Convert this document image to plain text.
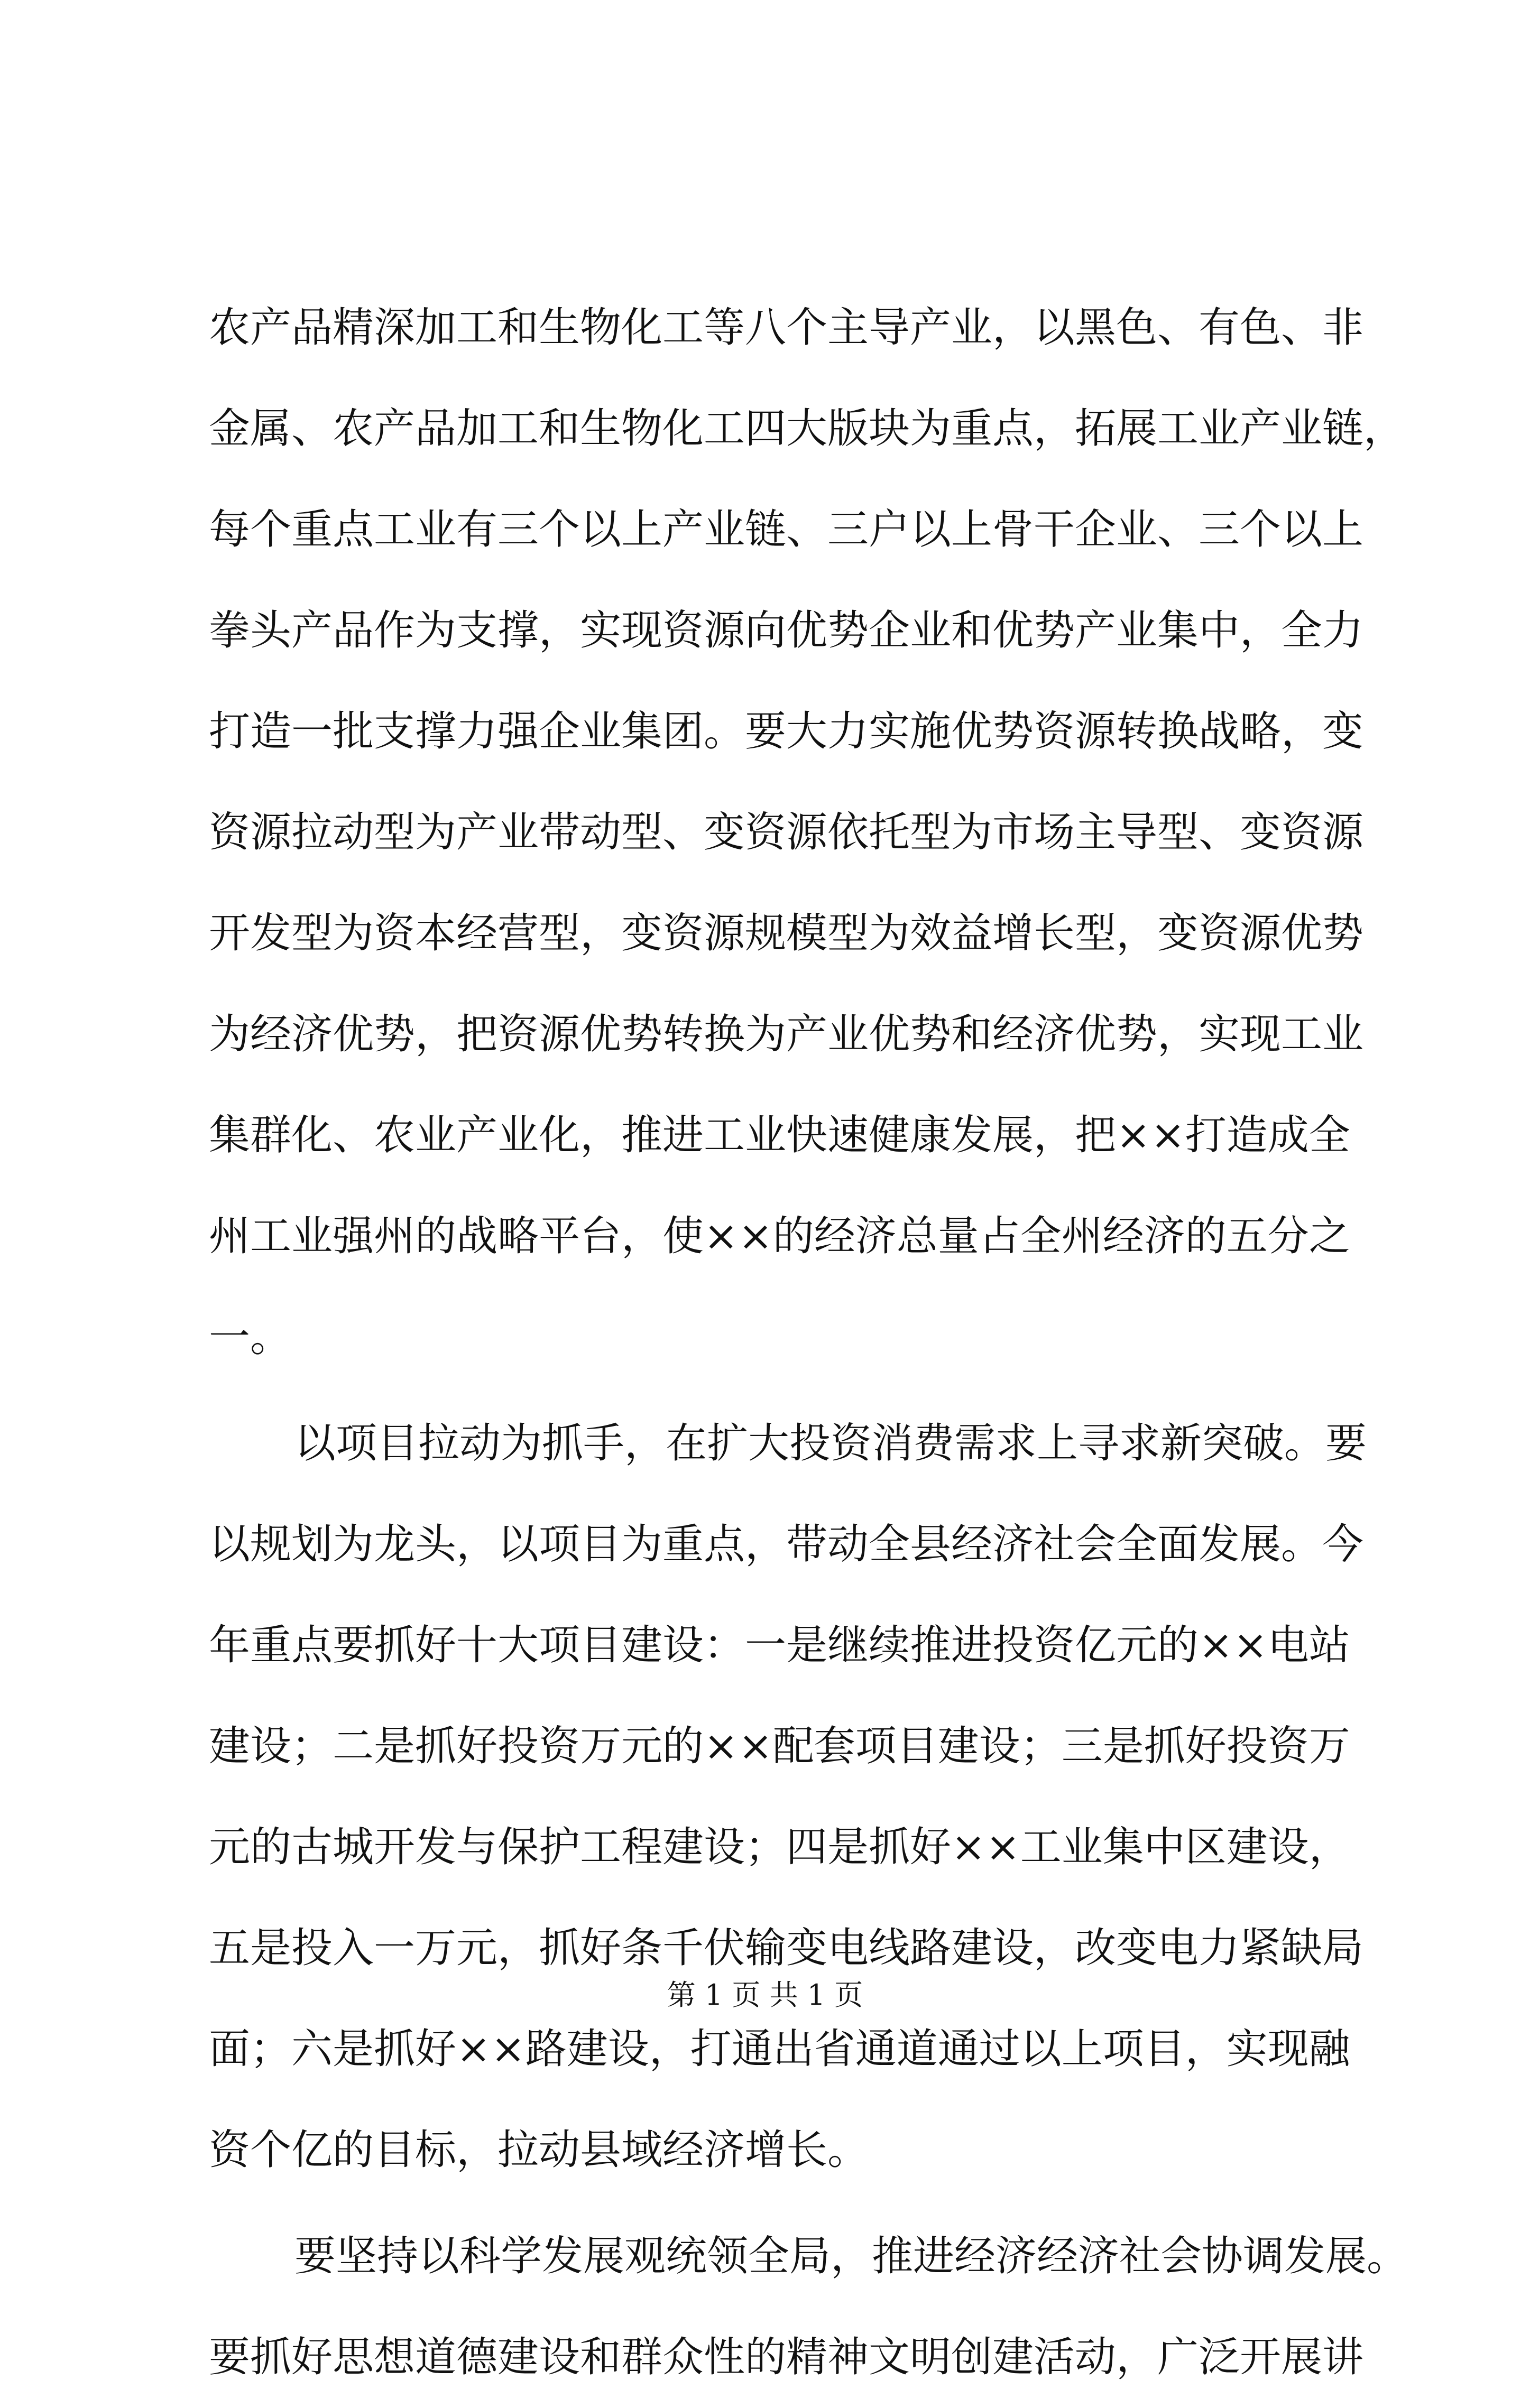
农产品精深加工和生物化工等八个主导产业，以黑色、有色、非
金属、农产品加工和生物化工四大版块为重点，拓展工业产业链，
每个重点工业有三个以上产业链、三户以上骨干企业、三个以上
拳头产品作为支撑，实现资源向优势企业和优势产业集中，全力
打造一批支撑力强企业集团。要大力实施优势资源转换战略，变
资源拉动型为产业带动型、变资源依托型为市场主导型、变资源
开发型为资本经营型，变资源规模型为效益增长型，变资源优势
为经济优势，把资源优势转换为产业优势和经济优势，实现工业
集群化、农业产业化，推进工业快速健康发展，把××打造成全
州工业强州的战略平台，使××的经济总量占全州经济的五分之
一。
以项目拉动为抓手，在扩大投资消费需求上寻求新突破。要
以规划为龙头，以项目为重点，带动全县经济社会全面发展。今
年重点要抓好十大项目建设：一是继续推进投资亿元的××电站
建设；二是抓好投资万元的××配套项目建设；三是抓好投资万
元的古城开发与保护工程建设；四是抓好××工业集中区建设，
五是投入一万元，抓好条千伏输变电线路建设，改变电力紧缺局
面；六是抓好××路建设，打通出省通道通过以上项目，实现融
资个亿的目标，拉动县域经济增长。
要坚持以科学发展观统领全局，推进经济经济社会协调发展。
要抓好思想道德建设和群众性的精神文明创建活动，广泛开展讲
第 1 页 共 1 页
